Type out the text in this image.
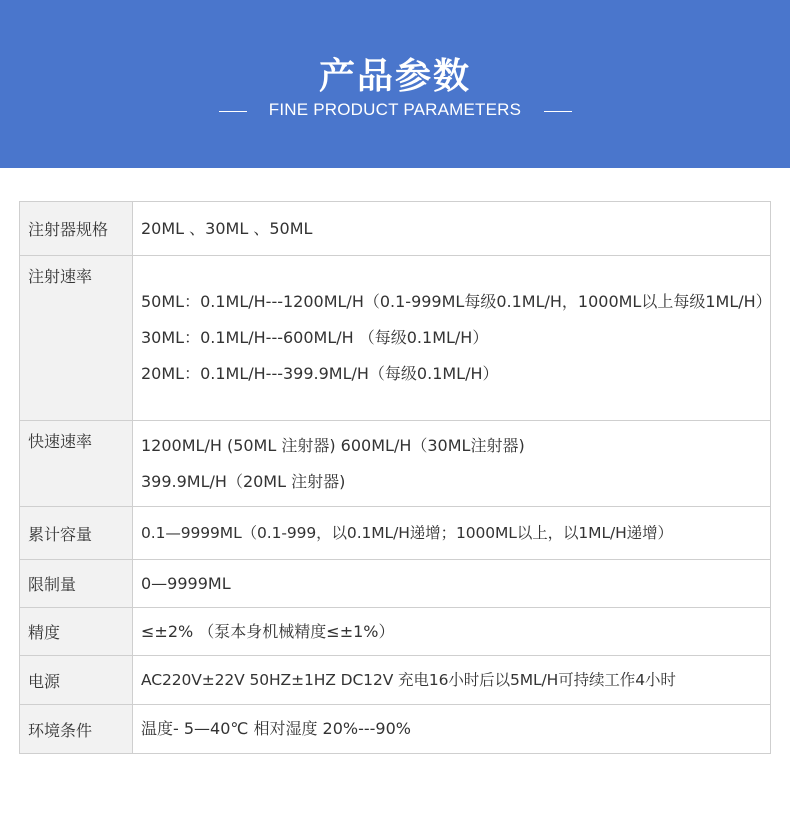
产品参数
FINE PRODUCT PARAMETERS
注射器规格	20ML 、30ML 、50ML

注射速率	50ML：0.1ML/H---1200ML/H（0.1-999ML每级0.1ML/H，1000ML以上每级1ML/H）
30ML：0.1ML/H---600ML/H （每级0.1ML/H）
20ML：0.1ML/H---399.9ML/H（每级0.1ML/H）

快速速率	1200ML/H (50ML 注射器) 600ML/H（30ML注射器)
399.9ML/H（20ML 注射器)

累计容量	0.1—9999ML（0.1-999，以0.1ML/H递增；1000ML以上，以1ML/H递增）

限制量	0—9999ML

精度	≤±2% （泵本身机械精度≤±1%）

电源	AC220V±22V 50HZ±1HZ DC12V 充电16小时后以5ML/H可持续工作4小时

环境条件	温度- 5—40℃ 相对湿度 20%---90%
